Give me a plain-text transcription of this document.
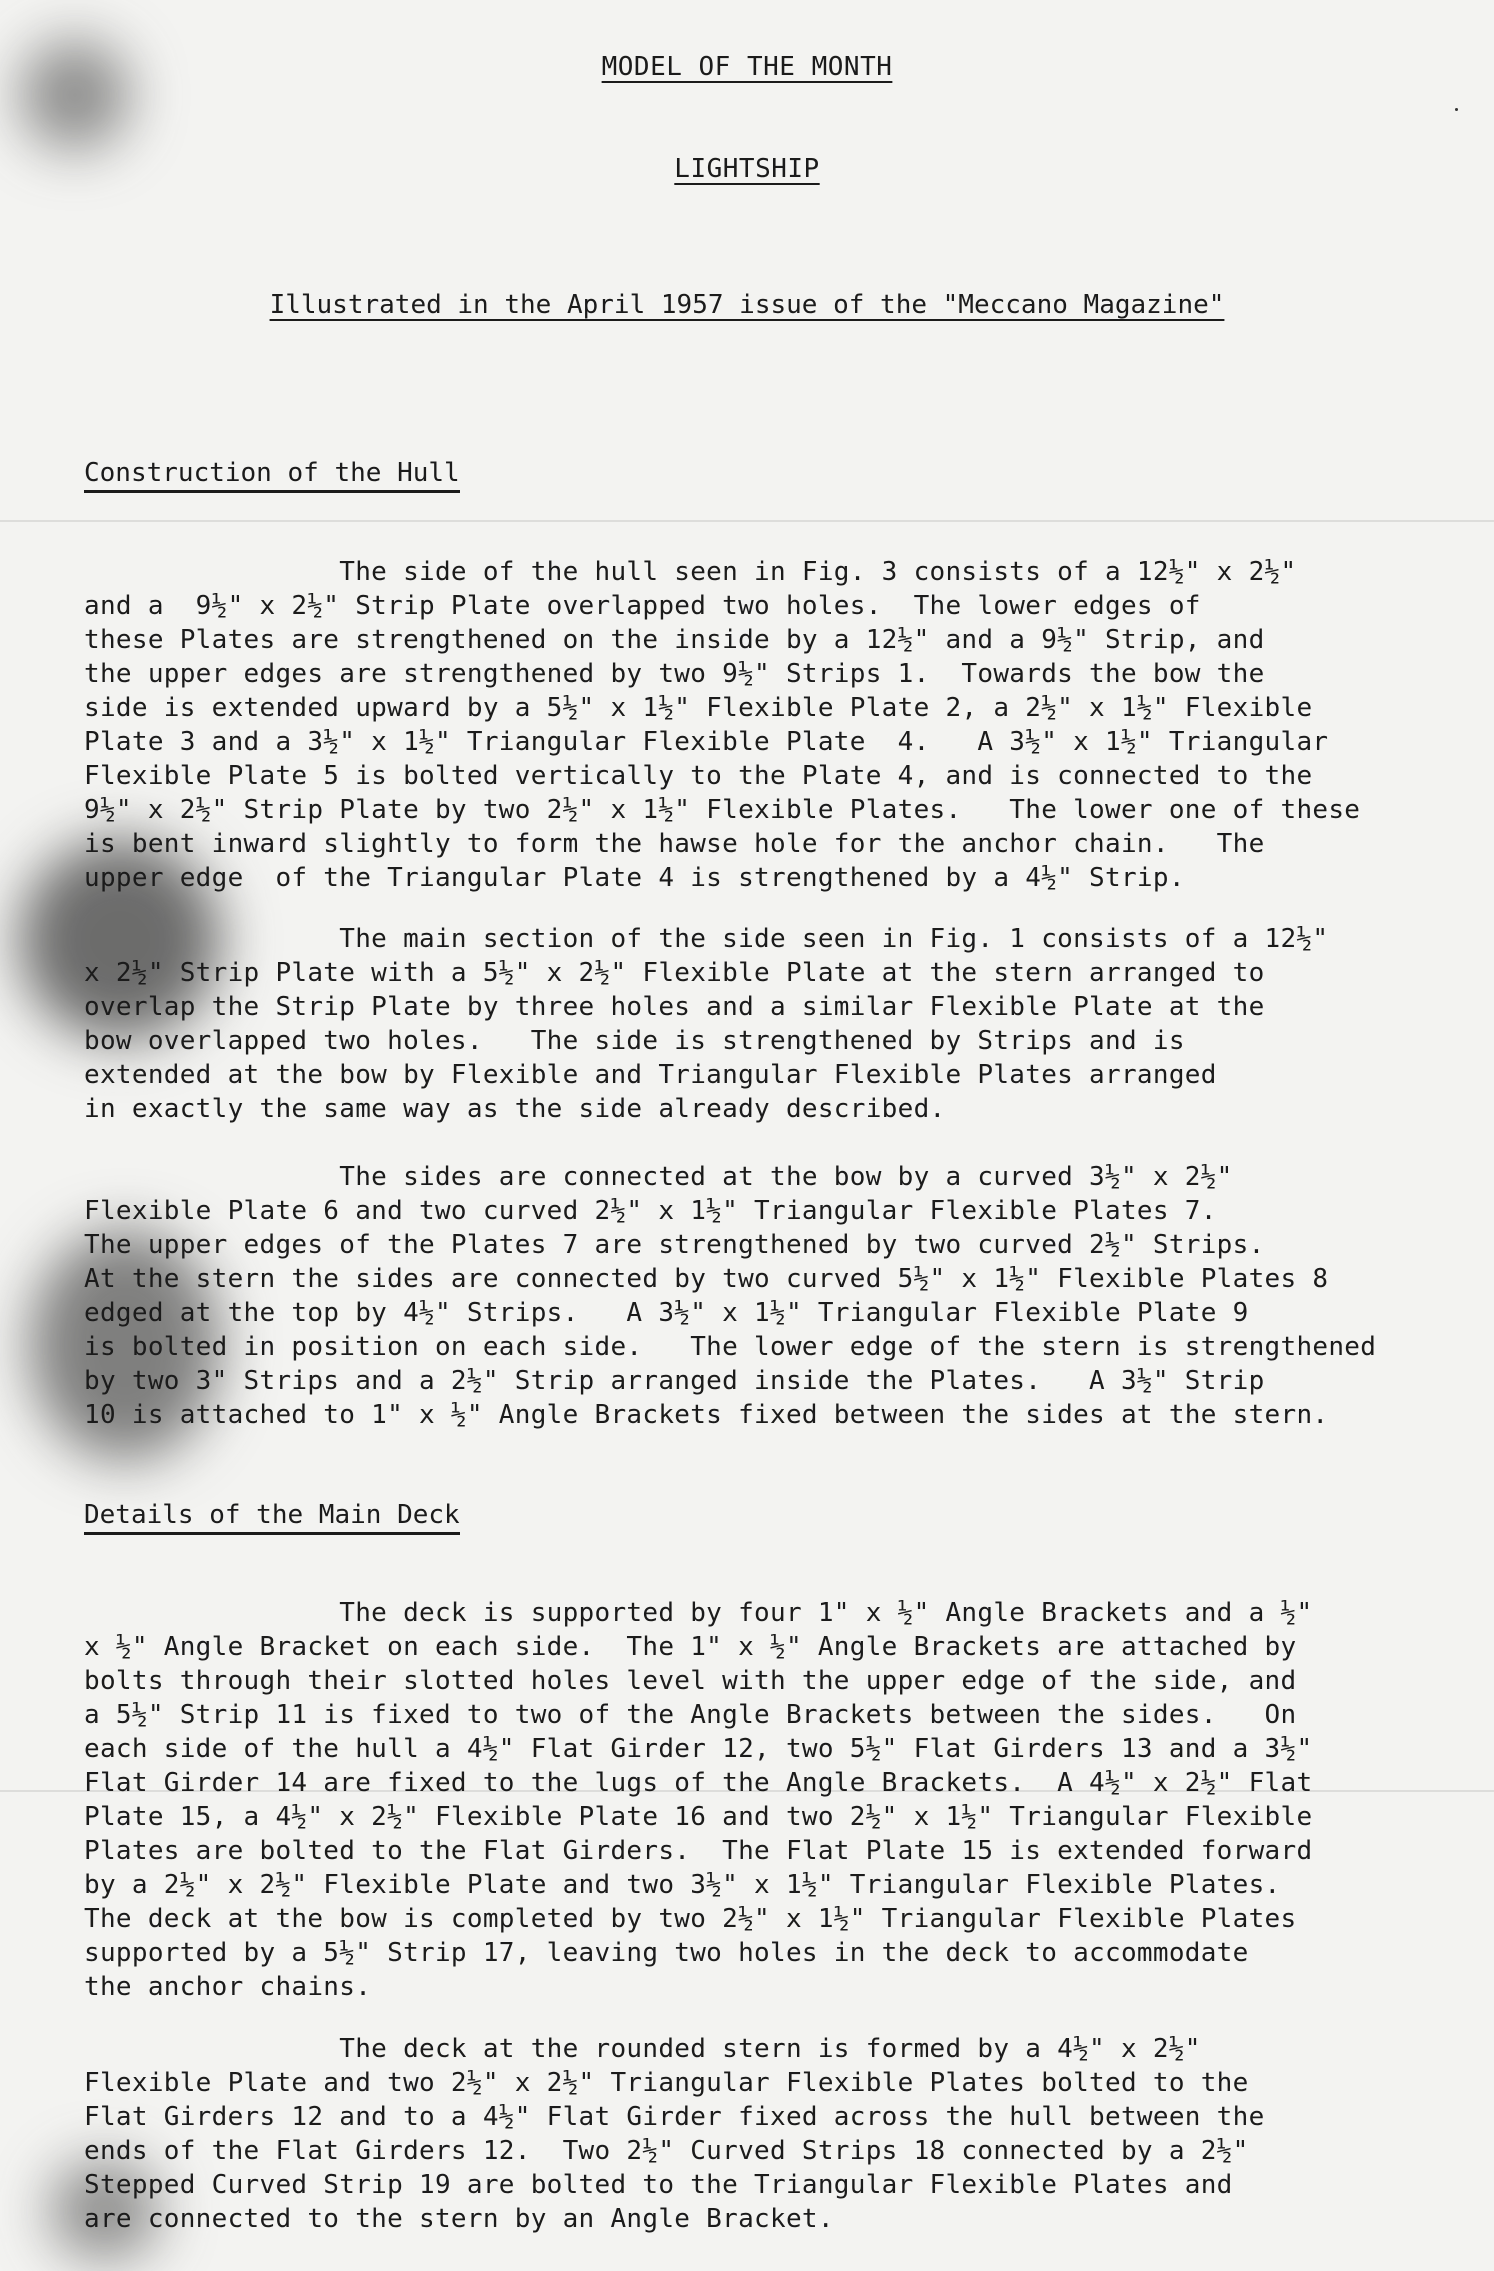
MODEL OF THE MONTH
LIGHTSHIP
Illustrated in the April 1957 issue of the "Meccano Magazine"
Construction of the Hull
The side of the hull seen in Fig. 3 consists of a 12½" x 2½"
and a  9½" x 2½" Strip Plate overlapped two holes.  The lower edges of
these Plates are strengthened on the inside by a 12½" and a 9½" Strip, and
the upper edges are strengthened by two 9½" Strips 1.  Towards the bow the
side is extended upward by a 5½" x 1½" Flexible Plate 2, a 2½" x 1½" Flexible
Plate 3 and a 3½" x 1½" Triangular Flexible Plate  4.   A 3½" x 1½" Triangular
Flexible Plate 5 is bolted vertically to the Plate 4, and is connected to the
9½" x 2½" Strip Plate by two 2½" x 1½" Flexible Plates.   The lower one of these
is bent inward slightly to form the hawse hole for the anchor chain.   The
upper edge  of the Triangular Plate 4 is strengthened by a 4½" Strip.
The main section of the side seen in Fig. 1 consists of a 12½"
x 2½" Strip Plate with a 5½" x 2½" Flexible Plate at the stern arranged to
overlap the Strip Plate by three holes and a similar Flexible Plate at the
bow overlapped two holes.   The side is strengthened by Strips and is
extended at the bow by Flexible and Triangular Flexible Plates arranged
in exactly the same way as the side already described.
The sides are connected at the bow by a curved 3½" x 2½"
Flexible Plate 6 and two curved 2½" x 1½" Triangular Flexible Plates 7.
The upper edges of the Plates 7 are strengthened by two curved 2½" Strips.
At the stern the sides are connected by two curved 5½" x 1½" Flexible Plates 8
edged at the top by 4½" Strips.   A 3½" x 1½" Triangular Flexible Plate 9
is bolted in position on each side.   The lower edge of the stern is strengthened
by two 3" Strips and a 2½" Strip arranged inside the Plates.   A 3½" Strip
10 is attached to 1" x ½" Angle Brackets fixed between the sides at the stern.
Details of the Main Deck
The deck is supported by four 1" x ½" Angle Brackets and a ½"
x ½" Angle Bracket on each side.  The 1" x ½" Angle Brackets are attached by
bolts through their slotted holes level with the upper edge of the side, and
a 5½" Strip 11 is fixed to two of the Angle Brackets between the sides.   On
each side of the hull a 4½" Flat Girder 12, two 5½" Flat Girders 13 and a 3½"
Flat Girder 14 are fixed to the lugs of the Angle Brackets.  A 4½" x 2½" Flat
Plate 15, a 4½" x 2½" Flexible Plate 16 and two 2½" x 1½" Triangular Flexible
Plates are bolted to the Flat Girders.  The Flat Plate 15 is extended forward
by a 2½" x 2½" Flexible Plate and two 3½" x 1½" Triangular Flexible Plates.
The deck at the bow is completed by two 2½" x 1½" Triangular Flexible Plates
supported by a 5½" Strip 17, leaving two holes in the deck to accommodate
the anchor chains.
The deck at the rounded stern is formed by a 4½" x 2½"
Flexible Plate and two 2½" x 2½" Triangular Flexible Plates bolted to the
Flat Girders 12 and to a 4½" Flat Girder fixed across the hull between the
ends of the Flat Girders 12.  Two 2½" Curved Strips 18 connected by a 2½"
Stepped Curved Strip 19 are bolted to the Triangular Flexible Plates and
are connected to the stern by an Angle Bracket.
